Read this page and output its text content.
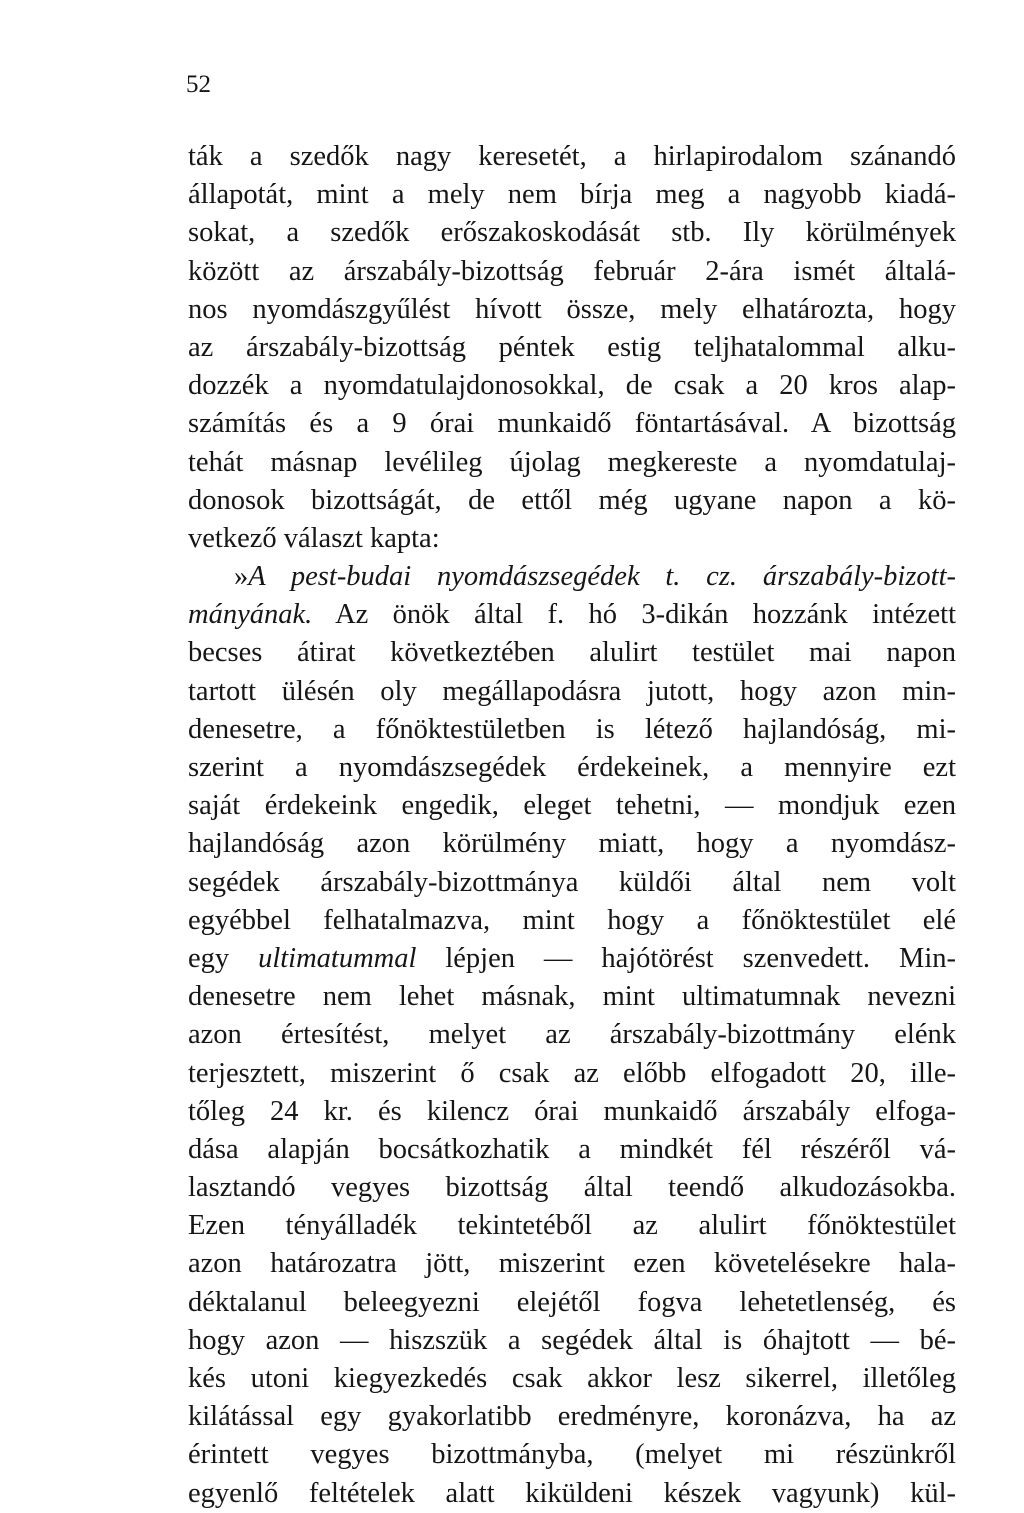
52
ták a szedők nagy keresetét, a hirlapirodalom szánandó
állapotát, mint a mely nem bírja meg a nagyobb kiadá-
sokat, a szedők erőszakoskodását stb. Ily körülmények
között az árszabály-bizottság február 2-ára ismét általá-
nos nyomdászgyűlést hívott össze, mely elhatározta, hogy
az árszabály-bizottság péntek estig teljhatalommal alku-
dozzék a nyomdatulajdonosokkal, de csak a 20 kros alap-
számítás és a 9 órai munkaidő föntartásával. A bizottság
tehát másnap levélileg újolag megkereste a nyomdatulaj-
donosok bizottságát, de ettől még ugyane napon a kö-
vetkező választ kapta:
»A pest-budai nyomdászsegédek t. cz. árszabály-bizott-
mányának. Az önök által f. hó 3-dikán hozzánk intézett
becses átirat következtében alulirt testület mai napon
tartott ülésén oly megállapodásra jutott, hogy azon min-
denesetre, a főnöktestületben is létező hajlandóság, mi-
szerint a nyomdászsegédek érdekeinek, a mennyire ezt
saját érdekeink engedik, eleget tehetni, — mondjuk ezen
hajlandóság azon körülmény miatt, hogy a nyomdász-
segédek árszabály-bizottmánya küldői által nem volt
egyébbel felhatalmazva, mint hogy a főnöktestület elé
egy ultimatummal lépjen — hajótörést szenvedett. Min-
denesetre nem lehet másnak, mint ultimatumnak nevezni
azon értesítést, melyet az árszabály-bizottmány elénk
terjesztett, miszerint ő csak az előbb elfogadott 20, ille-
tőleg 24 kr. és kilencz órai munkaidő árszabály elfoga-
dása alapján bocsátkozhatik a mindkét fél részéről vá-
lasztandó vegyes bizottság által teendő alkudozásokba.
Ezen tényálladék tekintetéből az alulirt főnöktestület
azon határozatra jött, miszerint ezen követelésekre hala-
déktalanul beleegyezni elejétől fogva lehetetlenség, és
hogy azon — hiszszük a segédek által is óhajtott — bé-
kés utoni kiegyezkedés csak akkor lesz sikerrel, illetőleg
kilátással egy gyakorlatibb eredményre, koronázva, ha az
érintett vegyes bizottmányba, (melyet mi részünkről
egyenlő feltételek alatt kiküldeni készek vagyunk) kül-
